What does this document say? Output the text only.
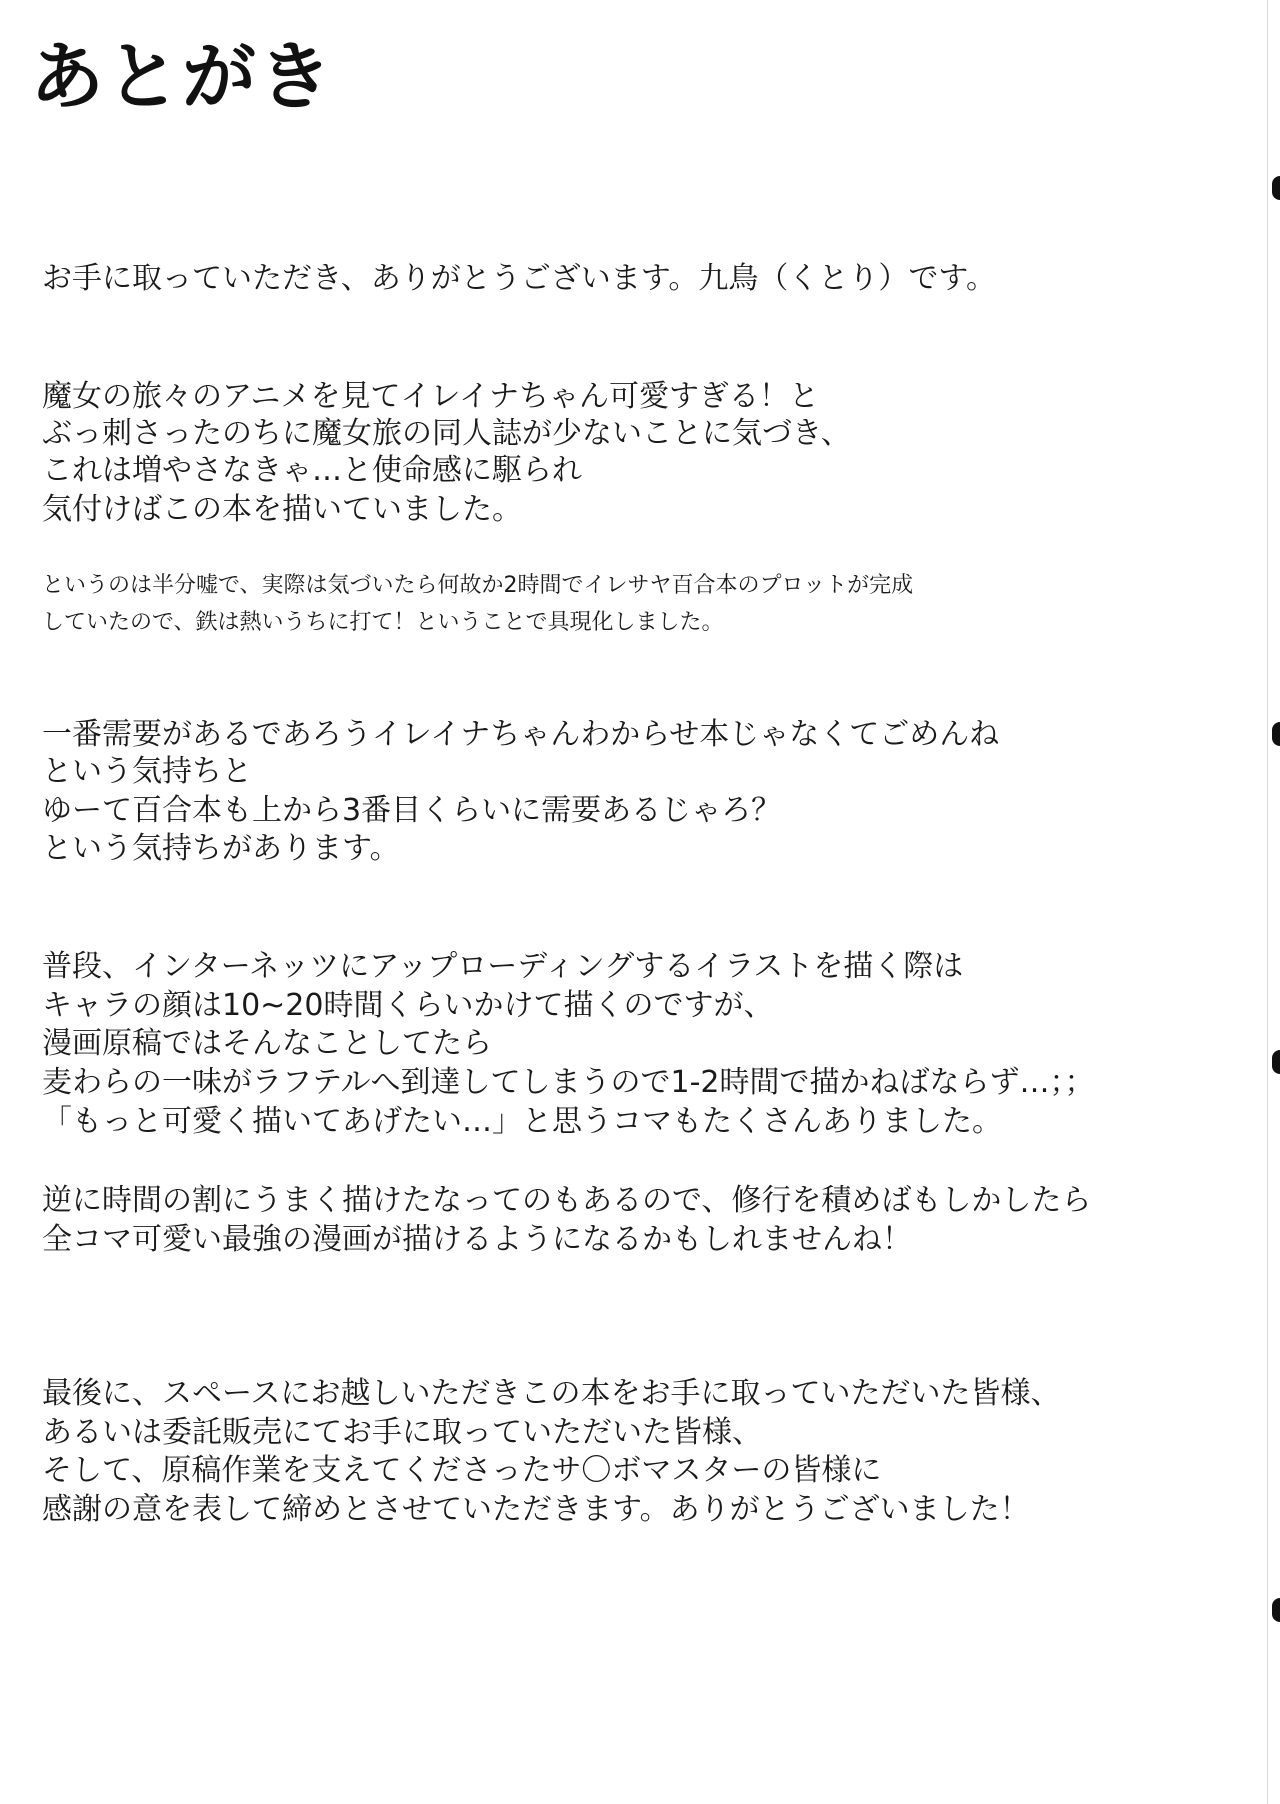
あとがき

お手に取っていただき、ありがとうございます。九鳥（くとり）です。

魔女の旅々のアニメを見てイレイナちゃん可愛すぎる！と

ぶっ刺さったのちに魔女旅の同人誌が少ないことに気づき、

これは増やさなきゃ…と使命感に駆られ

気付けばこの本を描いていました。

というのは半分嘘で、実際は気づいたら何故か2時間でイレサヤ百合本のプロットが完成

していたので、鉄は熱いうちに打て！ということで具現化しました。

一番需要があるであろうイレイナちゃんわからせ本じゃなくてごめんね

という気持ちと

ゆーて百合本も上から3番目くらいに需要あるじゃろ？

という気持ちがあります。

普段、インターネッツにアップローディングするイラストを描く際は

キャラの顔は10~20時間くらいかけて描くのですが、

漫画原稿ではそんなことしてたら

麦わらの一味がラフテルへ到達してしまうので1-2時間で描かねばならず…；；

「もっと可愛く描いてあげたい…」と思うコマもたくさんありました。

逆に時間の割にうまく描けたなってのもあるので、修行を積めばもしかしたら

全コマ可愛い最強の漫画が描けるようになるかもしれませんね！

最後に、スペースにお越しいただきこの本をお手に取っていただいた皆様、

あるいは委託販売にてお手に取っていただいた皆様、

そして、原稿作業を支えてくださったサ〇ボマスターの皆様に

感謝の意を表して締めとさせていただきます。ありがとうございました！
